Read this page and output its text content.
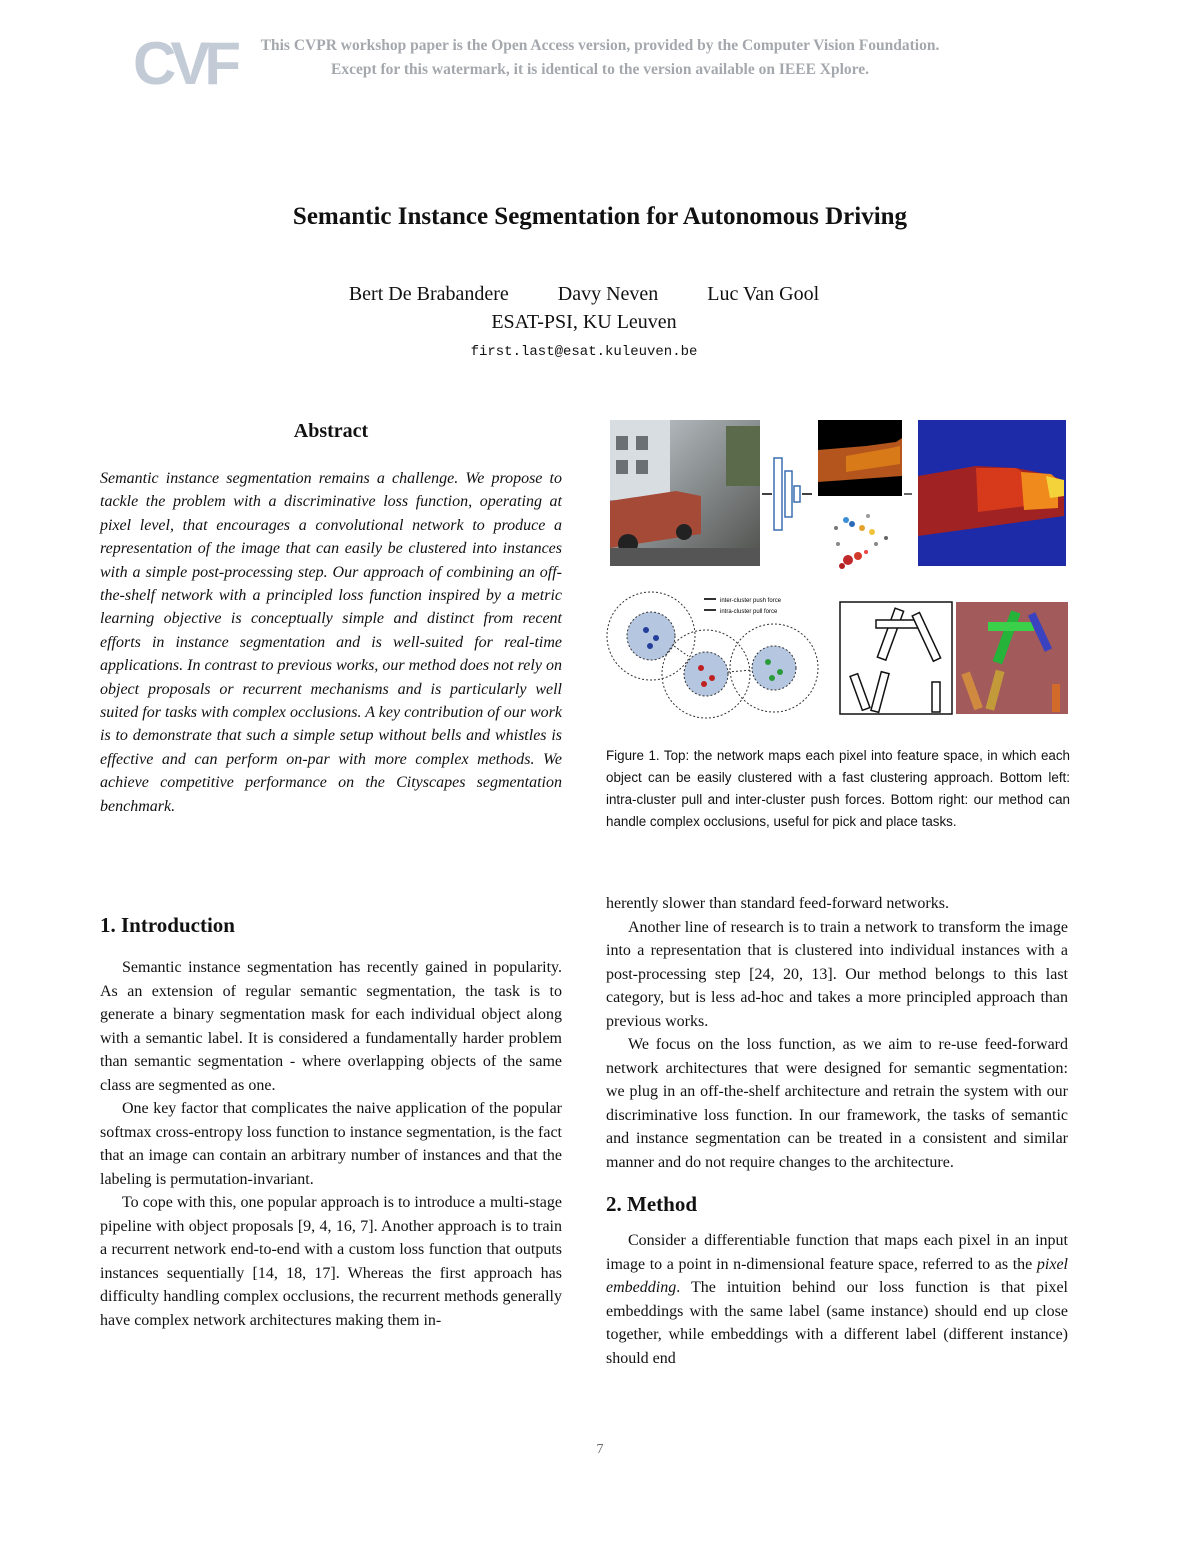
CVF	This CVPR workshop paper is the Open Access version, provided by the Computer Vision Foundation.
Except for this watermark, it is identical to the version available on IEEE Xplore.
Semantic Instance Segmentation for Autonomous Driving
Bert De Brabandere Davy Neven Luc Van Gool
ESAT-PSI, KU Leuven
first.last@esat.kuleuven.be
Abstract
Semantic instance segmentation remains a challenge. We propose to tackle the problem with a discriminative loss function, operating at pixel level, that encourages a convolutional network to produce a representation of the image that can easily be clustered into instances with a simple post-processing step. Our approach of combining an off-the-shelf network with a principled loss function inspired by a metric learning objective is conceptually simple and distinct from recent efforts in instance segmentation and is well-suited for real-time applications. In contrast to previous works, our method does not rely on object proposals or recurrent mechanisms and is particularly well suited for tasks with complex occlusions. A key contribution of our work is to demonstrate that such a simple setup without bells and whistles is effective and can perform on-par with more complex methods. We achieve competitive performance on the Cityscapes segmentation benchmark.
inter-cluster push force
intra-cluster pull force
Figure 1. Top: the network maps each pixel into feature space, in which each object can be easily clustered with a fast clustering approach. Bottom left: intra-cluster pull and inter-cluster push forces. Bottom right: our method can handle complex occlusions, useful for pick and place tasks.
1. Introduction

Semantic instance segmentation has recently gained in popularity. As an extension of regular semantic segmentation, the task is to generate a binary segmentation mask for each individual object along with a semantic label. It is considered a fundamentally harder problem than semantic segmentation - where overlapping objects of the same class are segmented as one.

One key factor that complicates the naive application of the popular softmax cross-entropy loss function to instance segmentation, is the fact that an image can contain an arbitrary number of instances and that the labeling is permutation-invariant.

To cope with this, one popular approach is to introduce a multi-stage pipeline with object proposals [9, 4, 16, 7]. Another approach is to train a recurrent network end-to-end with a custom loss function that outputs instances sequentially [14, 18, 17]. Whereas the first approach has difficulty handling complex occlusions, the recurrent methods generally have complex network architectures making them in-

herently slower than standard feed-forward networks.

Another line of research is to train a network to transform the image into a representation that is clustered into individual instances with a post-processing step [24, 20, 13]. Our method belongs to this last category, but is less ad-hoc and takes a more principled approach than previous works.

We focus on the loss function, as we aim to re-use feed-forward network architectures that were designed for semantic segmentation: we plug in an off-the-shelf architecture and retrain the system with our discriminative loss function. In our framework, the tasks of semantic and instance segmentation can be treated in a consistent and similar manner and do not require changes to the architecture.

2. Method

Consider a differentiable function that maps each pixel in an input image to a point in n-dimensional feature space, referred to as the pixel embedding. The intuition behind our loss function is that pixel embeddings with the same label (same instance) should end up close together, while embeddings with a different label (different instance) should end

7
